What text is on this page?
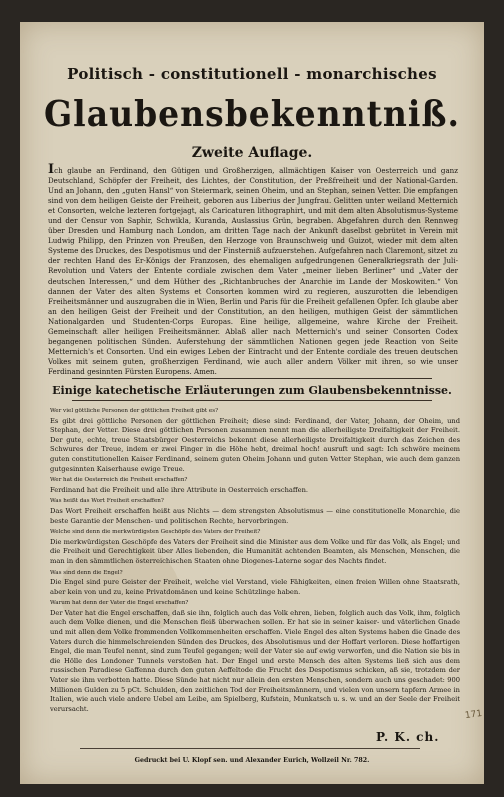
Politisch - constitutionell - monarchisches
Glaubensbekenntniß.
Zweite Auflage.
Ich glaube an Ferdinand, den Gütigen und Großherzigen, allmächtigen Kaiser von Oesterreich und ganz Deutschland, Schöpfer der Freiheit, des Lichtes, der Constitution, der Preßfreiheit und der National-Garden. Und an Johann, den „guten Hansl“ von Steiermark, seinen Oheim, und an Stephan, seinen Vetter. Die empfangen sind von dem heiligen Geiste der Freiheit, geboren aus Liberius der Jungfrau. Gelitten unter weiland Metternich et Consorten, welche lezteren fortgejagt, als Caricaturen lithographirt, und mit dem alten Absolutismus-Systeme und der Censur von Saphir, Schwikla, Kuranda, Auslassius Grün, begraben. Abgefahren durch den Rennweg über Dresden und Hamburg nach London, am dritten Tage nach der Ankunft daselbst gebrütet in Verein mit Ludwig Philipp, den Prinzen von Preußen, den Herzoge von Braunschweig und Guizot, wieder mit dem alten Systeme des Druckes, des Despotismus und der Finsterniß aufzuerstehen. Aufgefahren nach Claremont, sitzet zu der rechten Hand des Er-Königs der Franzosen, des ehemaligen aufgedrungenen Generalkriegsrath der Juli-Revolution und Vaters der Entente cordiale zwischen dem Vater „meiner lieben Berliner“ und „Vater der deutschen Interessen,“ und dem Hüther des „Richtanbruches der Anarchie im Lande der Moskowiten.“ Von dannen der Vater des alten Systems et Consorten kommen wird zu regieren, auszurotten die lebendigen Freiheitsmänner und auszugraben die in Wien, Berlin und Paris für die Freiheit gefallenen Opfer. Ich glaube aber an den heiligen Geist der Freiheit und der Constitution, an den heiligen, muthigen Geist der sämmtlichen Nationalgarden und Studenten-Corps Europas. Eine heilige, allgemeine, wahre Kirche der Freiheit. Gemeinschaft aller heiligen Freiheitsmänner. Ablaß aller nach Metternich's und seiner Consorten Codex begangenen politischen Sünden. Auferstehung der sämmtlichen Nationen gegen jede Reaction von Seite Metternich's et Consorten. Und ein ewiges Leben der Eintracht und der Entente cordiale des treuen deutschen Volkes mit seinem guten, großherzigen Ferdinand, wie auch aller andern Völker mit ihren, so wie unser Ferdinand gesinnten Fürsten Europens. Amen.
Einige katechetische Erläuterungen zum Glaubensbekenntnisse.

Wer viel göttliche Personen der göttlichen Freiheit gibt es?

Es gibt drei göttliche Personen der göttlichen Freiheit; diese sind: Ferdinand, der Vater, Johann, der Oheim, und Stephan, der Vetter. Diese drei göttlichen Personen zusammen nennt man die allerheiligste Dreifaltigkeit der Freiheit. Der gute, echte, treue Staatsbürger Oesterreichs bekennt diese allerheiligste Dreifaltigkeit durch das Zeichen des Schwures der Treue, indem er zwei Finger in die Höhe hebt, dreimal hoch! ausruft und sagt: Ich schwöre meinem guten constitutionellen Kaiser Ferdinand, seinem guten Oheim Johann und guten Vetter Stephan, wie auch dem ganzen gutgesinnten Kaiserhause ewige Treue.

Wer hat die Oesterreich die Freiheit erschaffen?

Ferdinand hat die Freiheit und alle ihre Attribute in Oesterreich erschaffen.

Was heißt das Wort Freiheit erschaffen?

Das Wort Freiheit erschaffen heißt aus Nichts — dem strengsten Absolutismus — eine constitutionelle Monarchie, die beste Garantie der Menschen- und politischen Rechte, hervorbringen.

Welche sind denn die merkwürdigsten Geschöpfe des Vaters der Freiheit?

Die merkwürdigsten Geschöpfe des Vaters der Freiheit sind die Minister aus dem Volke und für das Volk, als Engel; und die Freiheit und Gerechtigkeit über Alles liebenden, die Humanität achtenden Beamten, als Menschen, Menschen, die man in den sämmtlichen österreichischen Staaten ohne Diogenes-Laterne sogar des Nachts findet.

Was sind denn die Engel?

Die Engel sind pure Geister der Freiheit, welche viel Verstand, viele Fähigkeiten, einen freien Willen ohne Staatsrath, aber kein von und zu, keine Privatdomänen und keine Schützlinge haben.

Warum hat denn der Vater die Engel erschaffen?

Der Vater hat die Engel erschaffen, daß sie ihn, folglich auch das Volk ehren, lieben, folglich auch das Volk, ihm, folglich auch dem Volke dienen, und die Menschen fleiß überwachen sollen. Er hat sie in seiner kaiser- und väterlichen Gnade und mit allen dem Volke frommenden Vollkommenheiten erschaffen. Viele Engel des alten Systems haben die Gnade des Vaters durch die himmelschreienden Sünden des Druckes, des Absolutismus und der Hoffart verloren. Diese hoffartigen Engel, die man Teufel nennt, sind zum Teufel gegangen; weil der Vater sie auf ewig verworfen, und die Nation sie bis in die Hölle des Londoner Tunnels verstoßen hat. Der Engel und erste Mensch des alten Systems ließ sich aus dem russischen Paradiese Gaffenna durch den guten Aeffeltode die Frucht des Despotismus schicken, aß sie, trotzdem der Vater sie ihm verbotten hatte. Diese Sünde hat nicht nur allein den ersten Menschen, sondern auch uns geschadet: 900 Millionen Gulden zu 5 pCt. Schulden, den zeitlichen Tod der Freiheitsmännern, und vielen von unsern tapfern Armee in Italien, wie auch viele andere Uebel am Leibe, am Spielberg, Kufstein, Munkatsch u. s. w. und an der Seele der Freiheit verursacht.

P. K. ch.
171
Gedruckt bei U. Klopf sen. und Alexander Eurich, Wollzeil Nr. 782.
